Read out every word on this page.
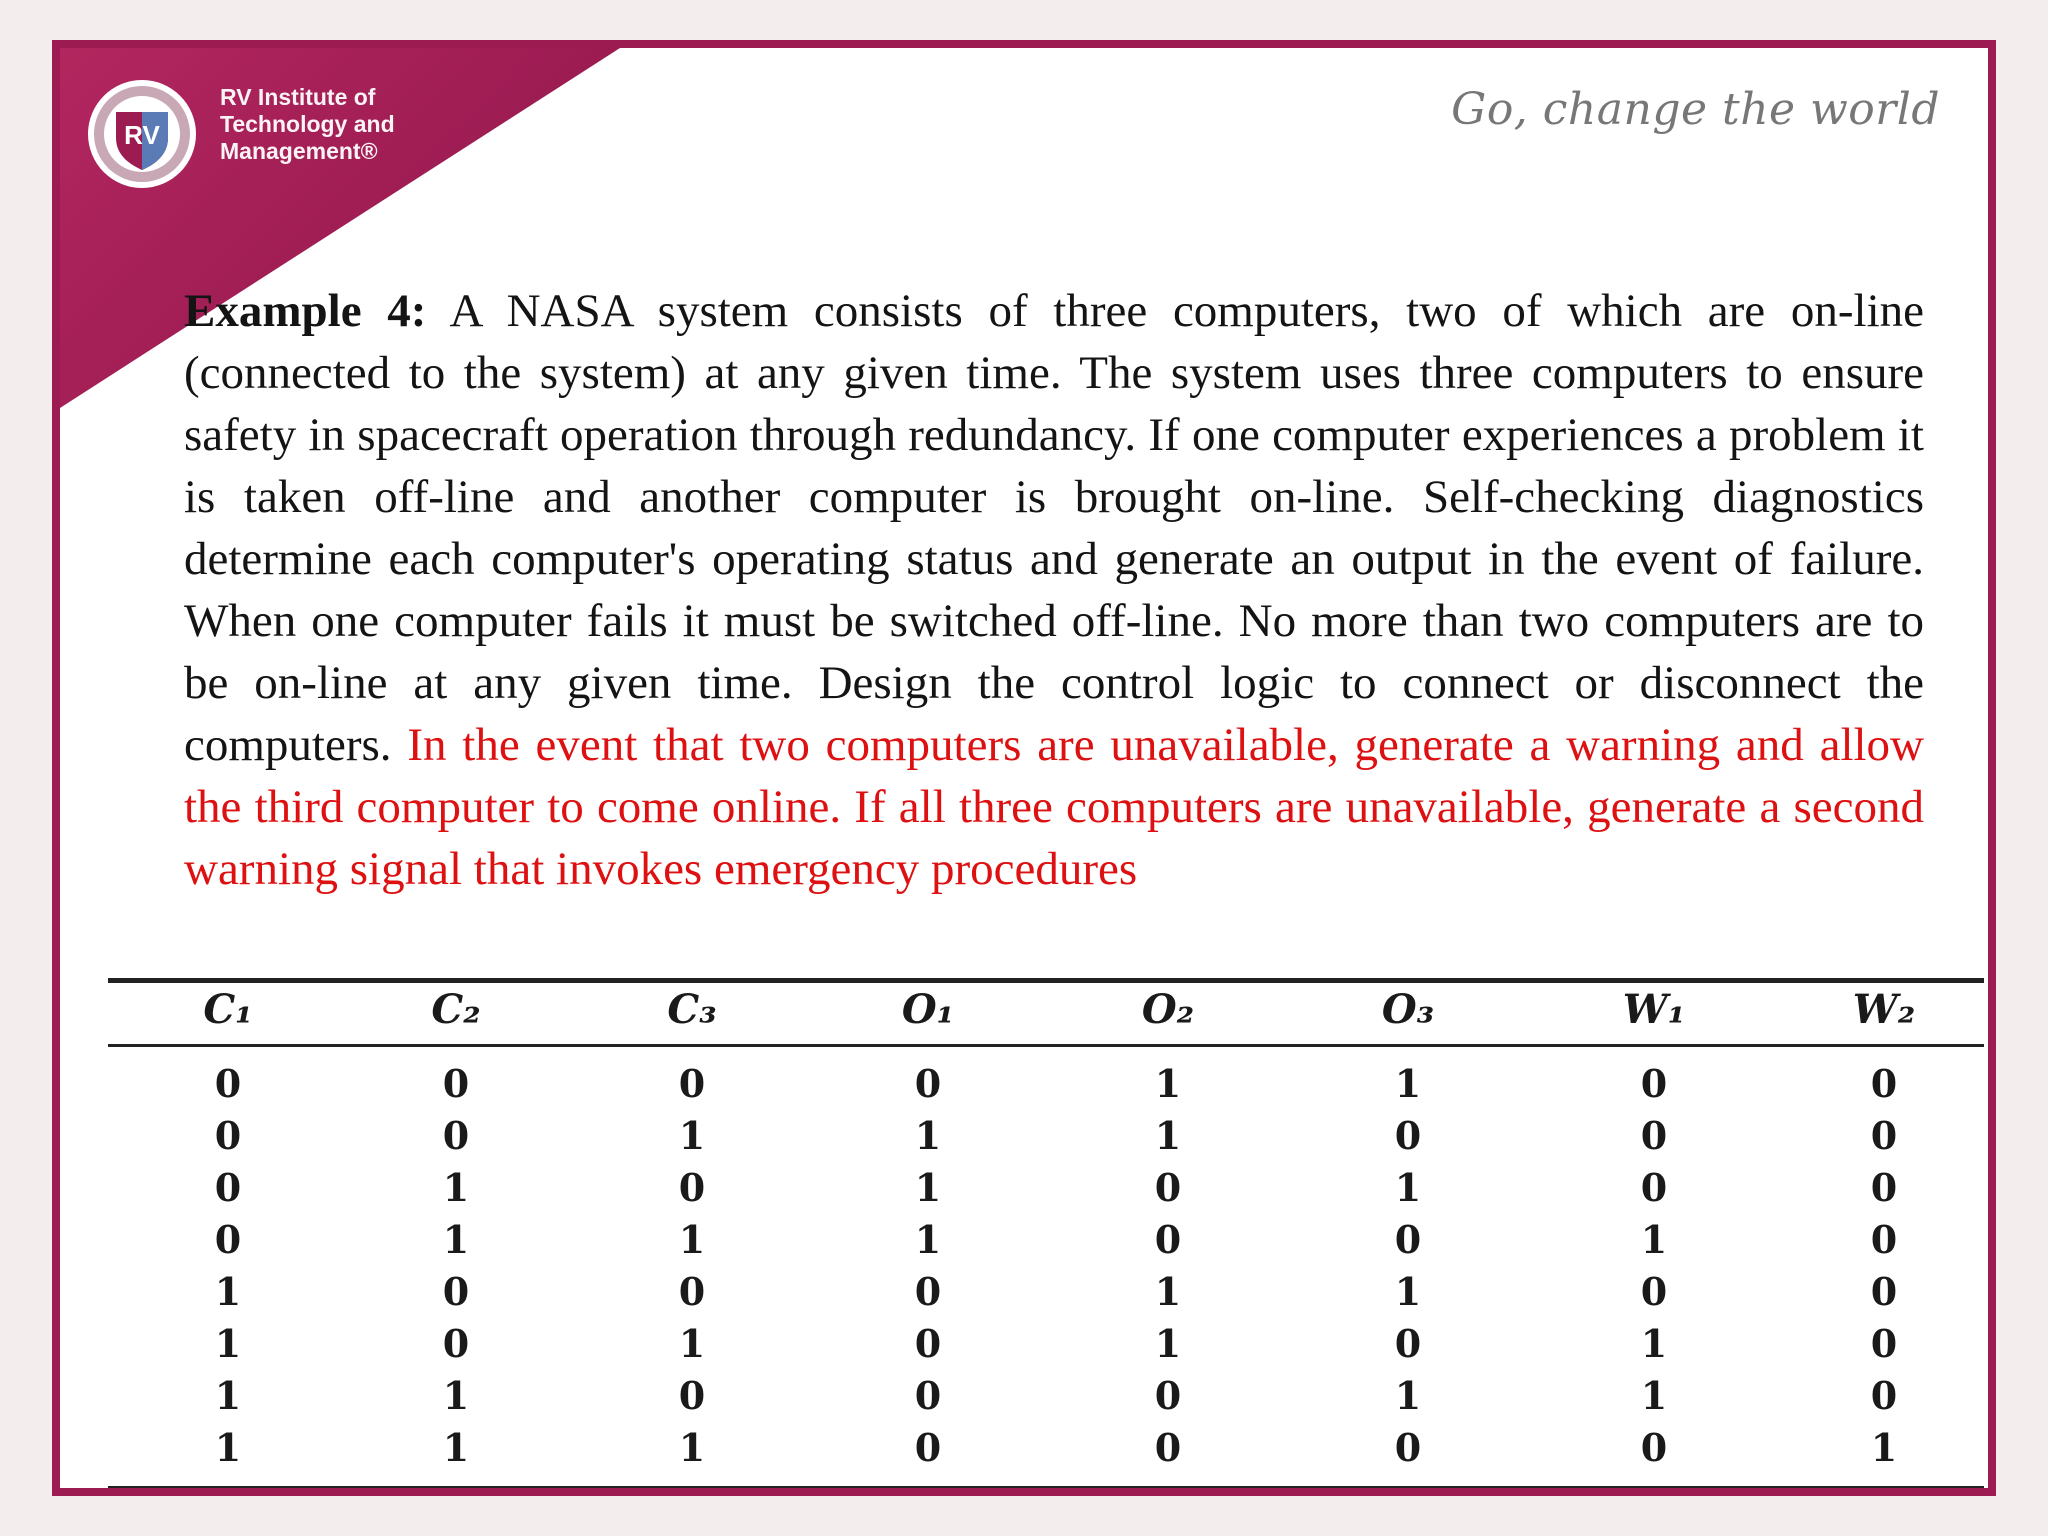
RV
RV Institute of
Technology and
Management®
Go, change the world
Example 4: A NASA system consists of three computers, two of which are on-line (connected to the system) at any given time. The system uses three computers to ensure safety in spacecraft operation through redundancy. If one computer experiences a problem it is taken off-line and another computer is brought on-line. Self-checking diagnostics determine each computer's operating status and generate an output in the event of failure. When one computer fails it must be switched off-line. No more than two computers are to be on-line at any given time. Design the control logic to connect or disconnect the computers. In the event that two computers are unavailable, generate a warning and allow the third computer to come online. If all three computers are unavailable, generate a second warning signal that invokes emergency procedures
C₁	C₂	C₃	O₁	O₂	O₃	W₁	W₂
0	0	0	0	1	1	0	0
0	0	1	1	1	0	0	0
0	1	0	1	0	1	0	0
0	1	1	1	0	0	1	0
1	0	0	0	1	1	0	0
1	0	1	0	1	0	1	0
1	1	0	0	0	1	1	0
1	1	1	0	0	0	0	1
